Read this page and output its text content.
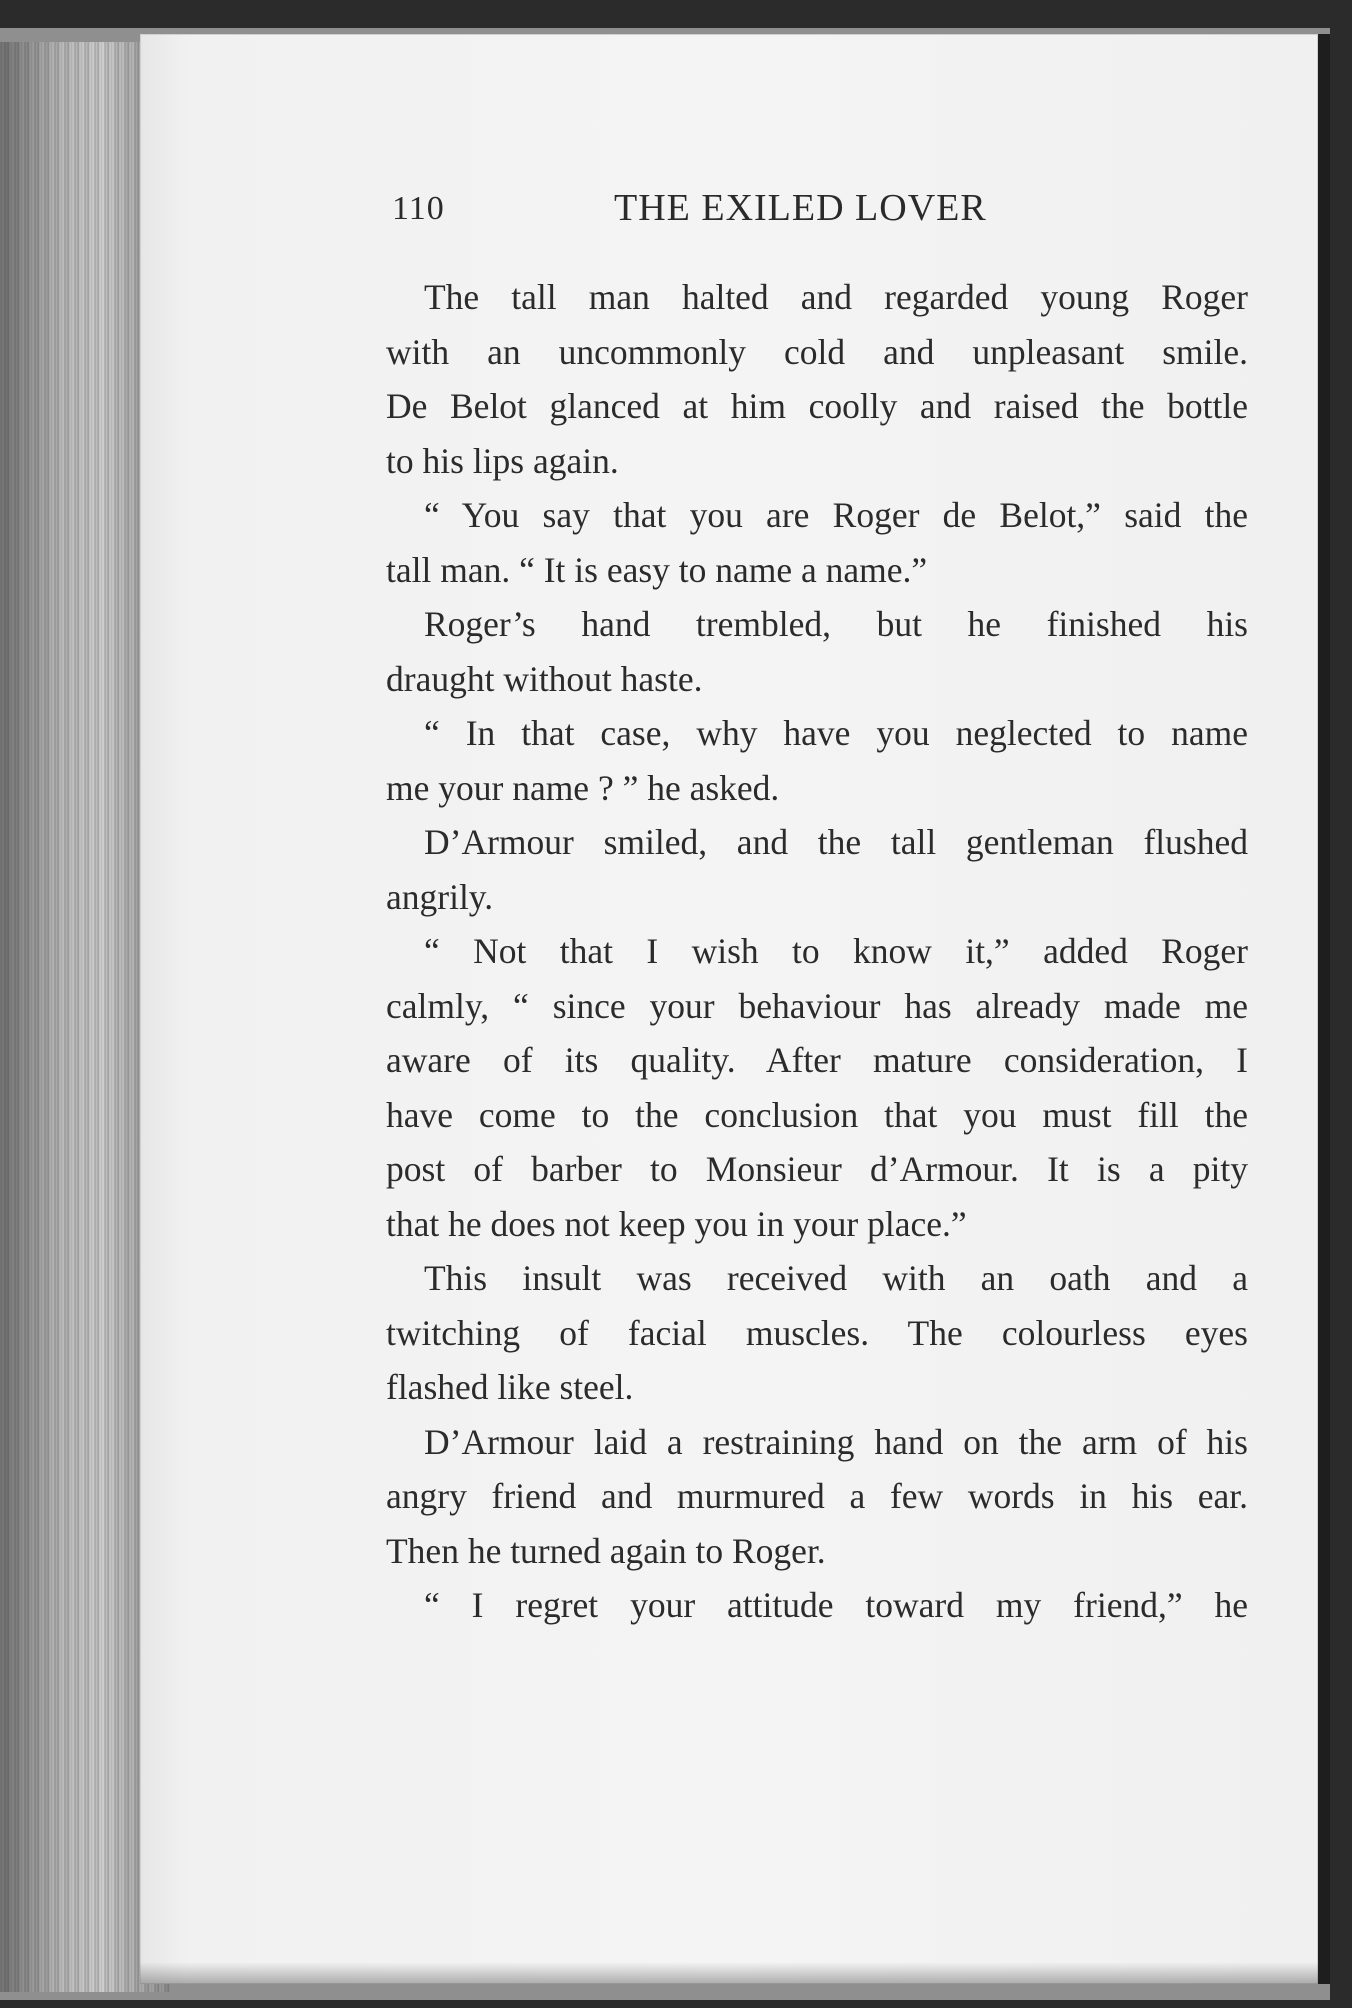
110	THE EXILED LOVER
The tall man halted and regarded young Roger
with an uncommonly cold and unpleasant smile.
De Belot glanced at him coolly and raised the bottle
to his lips again.
“ You say that you are Roger de Belot,” said the
tall man. “ It is easy to name a name.”
Roger’s hand trembled, but he finished his
draught without haste.
“ In that case, why have you neglected to name
me your name ? ” he asked.
D’Armour smiled, and the tall gentleman flushed
angrily.
“ Not that I wish to know it,” added Roger
calmly, “ since your behaviour has already made me
aware of its quality. After mature consideration, I
have come to the conclusion that you must fill the
post of barber to Monsieur d’Armour. It is a pity
that he does not keep you in your place.”
This insult was received with an oath and a
twitching of facial muscles. The colourless eyes
flashed like steel.
D’Armour laid a restraining hand on the arm of his
angry friend and murmured a few words in his ear.
Then he turned again to Roger.
“ I regret your attitude toward my friend,” he
